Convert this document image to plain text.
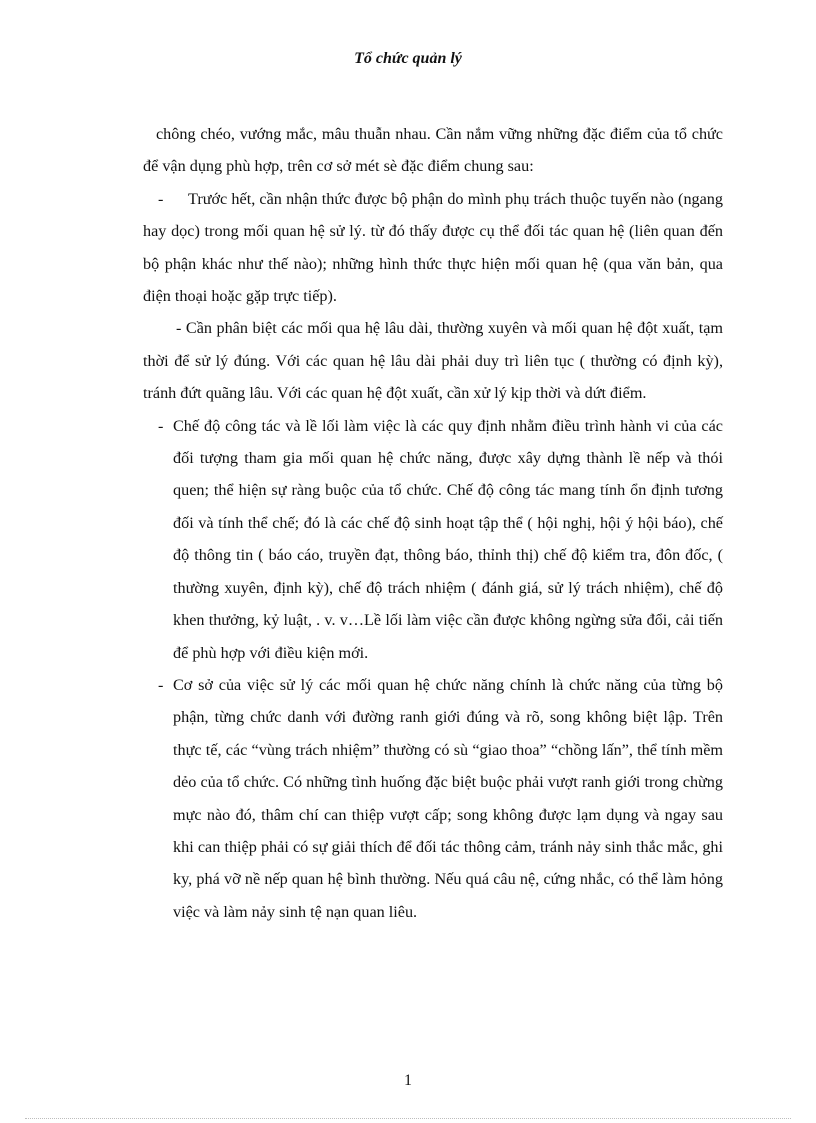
Tổ chức quản lý

chông chéo, vướng mắc, mâu thuẫn nhau. Cần nắm vững những đặc điểm của tổ chức để vận dụng phù hợp, trên cơ sở mét sè đặc điểm chung sau:

-	Trước hết, cần nhận thức được bộ phận do mình phụ trách thuộc tuyến nào (ngang hay dọc) trong mối quan hệ sử lý. từ đó thấy được cụ thể đối tác quan hệ (liên quan đến bộ phận khác như thế nào); những hình thức thực hiện mối quan hệ (qua văn bản, qua điện thoại hoặc gặp trực tiếp).

- Cần phân biệt các mối qua hệ lâu dài, thường xuyên và mối quan hệ đột xuất, tạm thời để sử lý đúng. Với các quan hệ lâu dài phải duy trì liên tục ( thường có định kỳ), tránh đứt quãng lâu. Với các quan hệ đột xuất, cần xử lý kịp thời và dứt điểm.

- Chế độ công tác và lề lối làm việc là các quy định nhằm điều trình hành vi của các đối tượng tham gia mối quan hệ chức năng, được xây dựng thành lề nếp và thói quen; thể hiện sự ràng buộc của tổ chức. Chế độ công tác mang tính ổn định tương đối và tính thể chế; đó là các chế độ sinh hoạt tập thể ( hội nghị, hội ý hội báo), chế độ thông tin ( báo cáo, truyền đạt, thông báo, thỉnh thị) chế độ kiểm tra, đôn đốc, ( thường xuyên, định kỳ), chế độ trách nhiệm ( đánh giá, sử lý trách nhiệm), chế độ khen thưởng, kỷ luật, . v. v…Lề lối làm việc cần được không ngừng sửa đổi, cải tiến để phù hợp với điều kiện mới.
- Cơ sở của việc sử lý các mối quan hệ chức năng chính là chức năng của từng bộ phận, từng chức danh với đường ranh giới đúng và rõ, song không biệt lập. Trên thực tế, các “vùng trách nhiệm” thường có sù “giao thoa” “chồng lấn”, thể tính mềm dẻo của tổ chức. Có những tình huống đặc biệt buộc phải vượt ranh giới trong chừng mực nào đó, thâm chí can thiệp vượt cấp; song không được lạm dụng và ngay sau khi can thiệp phải có sự giải thích để đối tác thông cảm, tránh nảy sinh thắc mắc, ghi ky, phá vỡ nề nếp quan hệ bình thường. Nếu quá câu nệ, cứng nhắc, có thể làm hỏng việc và làm nảy sinh tệ nạn quan liêu.
1
